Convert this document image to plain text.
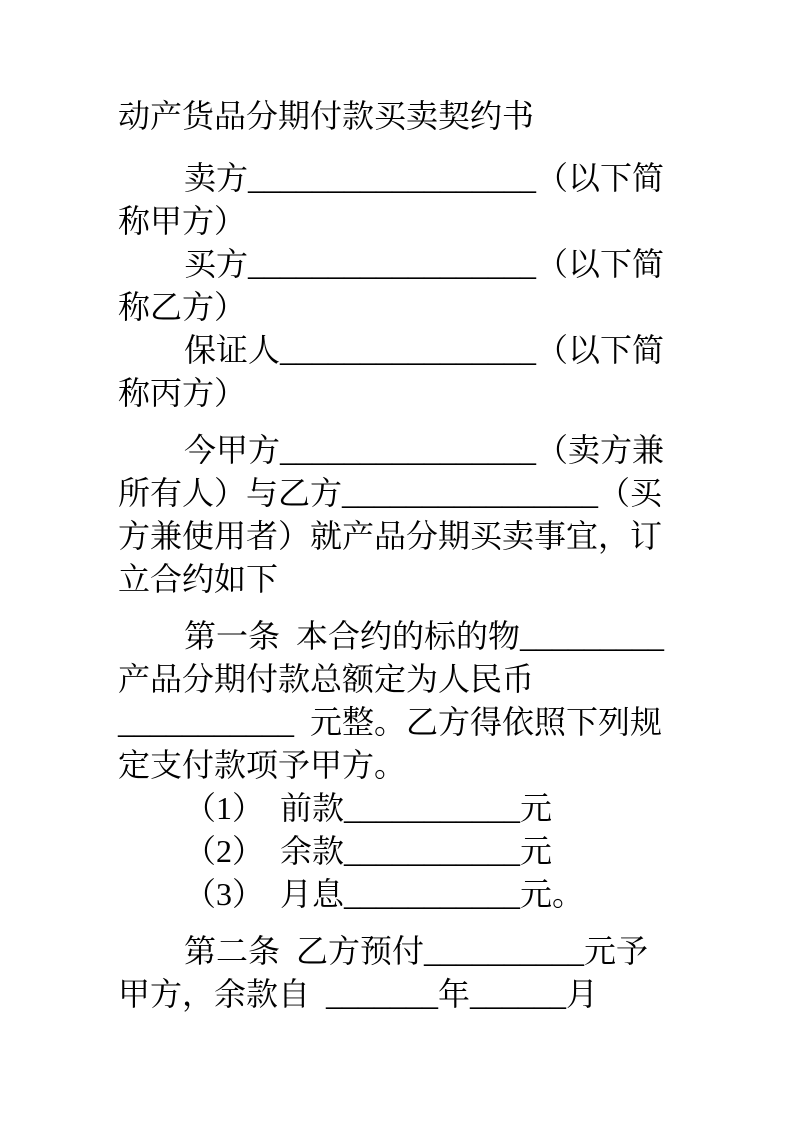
动产货品分期付款买卖契约书
卖方__________________（以下简
称甲方）
买方__________________（以下简
称乙方）
保证人________________（以下简
称丙方）
今甲方________________（卖方兼
所有人）与乙方________________（买
方兼使用者）就产品分期买卖事宜，订
立合约如下
第一条  本合约的标的物_________
产品分期付款总额定为人民币
___________  元整。乙方得依照下列规
定支付款项予甲方。
（1）  前款___________元
（2）  余款___________元
（3）  月息___________元。
第二条  乙方预付__________元予
甲方，余款自  _______年______月
